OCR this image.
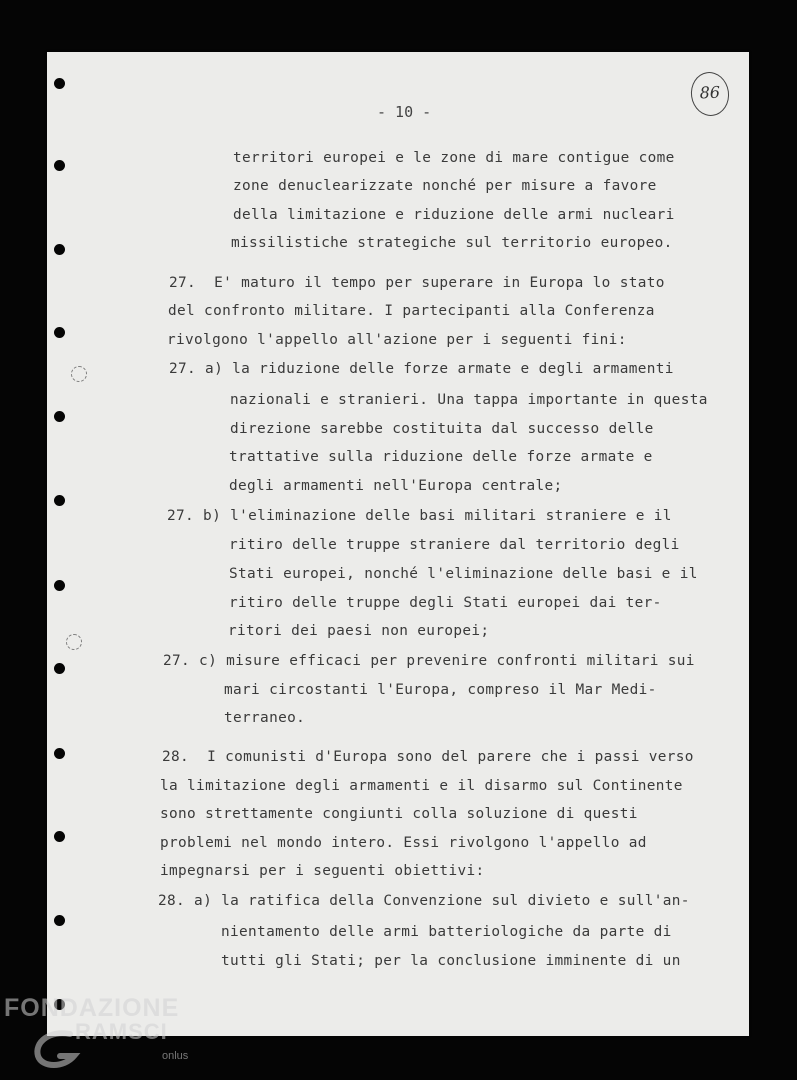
- 10 -
86
territori europei e le zone di mare contigue come
zone denuclearizzate nonché per misure a favore
della limitazione e riduzione delle armi nucleari
missilistiche strategiche sul territorio europeo.
27.  E' maturo il tempo per superare in Europa lo stato
del confronto militare. I partecipanti alla Conferenza
rivolgono l'appello all'azione per i seguenti fini:
27. a) la riduzione delle forze armate e degli armamenti
nazionali e stranieri. Una tappa importante in questa
direzione sarebbe costituita dal successo delle
trattative sulla riduzione delle forze armate e
degli armamenti nell'Europa centrale;
27. b) l'eliminazione delle basi militari straniere e il
ritiro delle truppe straniere dal territorio degli
Stati europei, nonché l'eliminazione delle basi e il
ritiro delle truppe degli Stati europei dai ter-
ritori dei paesi non europei;
27. c) misure efficaci per prevenire confronti militari sui
mari circostanti l'Europa, compreso il Mar Medi-
terraneo.
28.  I comunisti d'Europa sono del parere che i passi verso
la limitazione degli armamenti e il disarmo sul Continente
sono strettamente congiunti colla soluzione di questi
problemi nel mondo intero. Essi rivolgono l'appello ad
impegnarsi per i seguenti obiettivi:
28. a) la ratifica della Convenzione sul divieto e sull'an-
nientamento delle armi batteriologiche da parte di
tutti gli Stati; per la conclusione imminente di un
FONDAZIONE
RAMSCI
onlus
